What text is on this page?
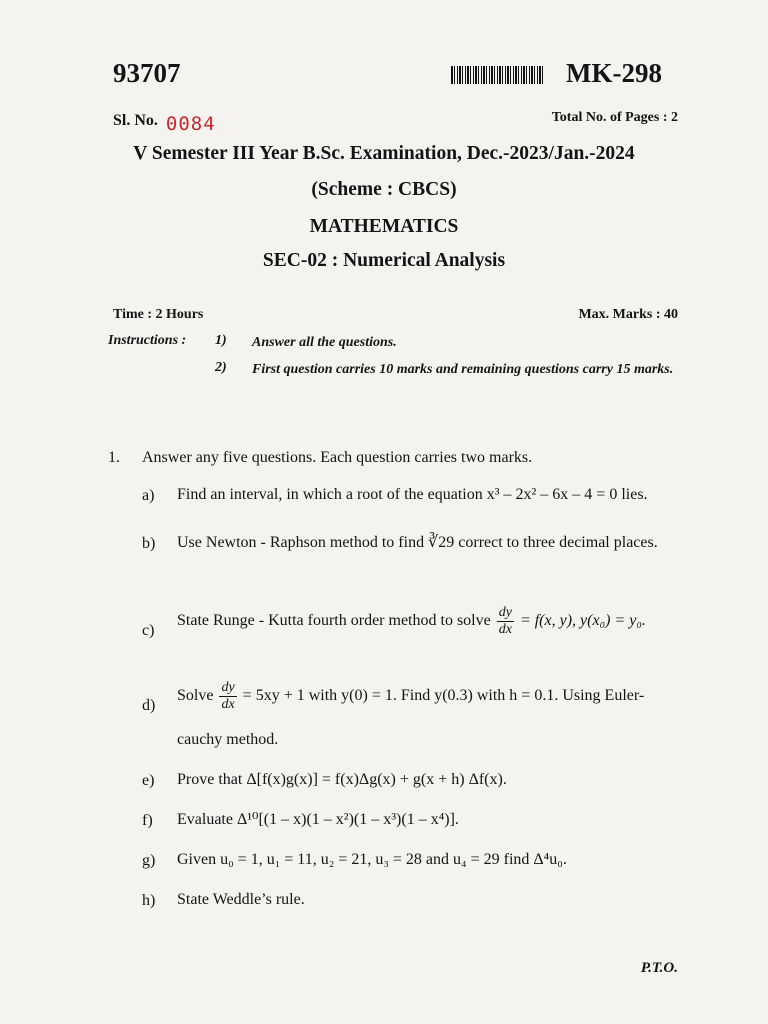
93707	MK-298
Sl. No. 0084	Total No. of Pages : 2
V Semester III Year B.Sc. Examination, Dec.-2023/Jan.-2024
(Scheme : CBCS)
MATHEMATICS
SEC-02 : Numerical Analysis
Time : 2 Hours	Max. Marks : 40
Instructions : 1) Answer all the questions.
2) First question carries 10 marks and remaining questions carry 15 marks.
1. Answer any five questions. Each question carries two marks.
a) Find an interval, in which a root of the equation x³ – 2x² – 6x – 4 = 0 lies.
b) Use Newton - Raphson method to find ∛29 correct to three decimal places.
c)
State Runge - Kutta fourth order method to solve $\frac{dy}{dx} = f(x$, y), y(x₀) = y₀.
d)
Solve $\frac{dy}{dx} = 5xy + 1$ with y(0) = 1. Find y(0.3) with h = 0.1. Using Euler-
cauchy method.
e) Prove that Δ[f(x)g(x)] = f(x)Δg(x) + g(x + h) Δf(x).
f) Evaluate Δ¹⁰[(1 – x)(1 – x²)(1 – x³)(1 – x⁴)].
g) Given u₀ = 1, u₁ = 11, u₂ = 21, u₃ = 28 and u₄ = 29 find Δ⁴u₀.
h) State Weddle’s rule.
P.T.O.
